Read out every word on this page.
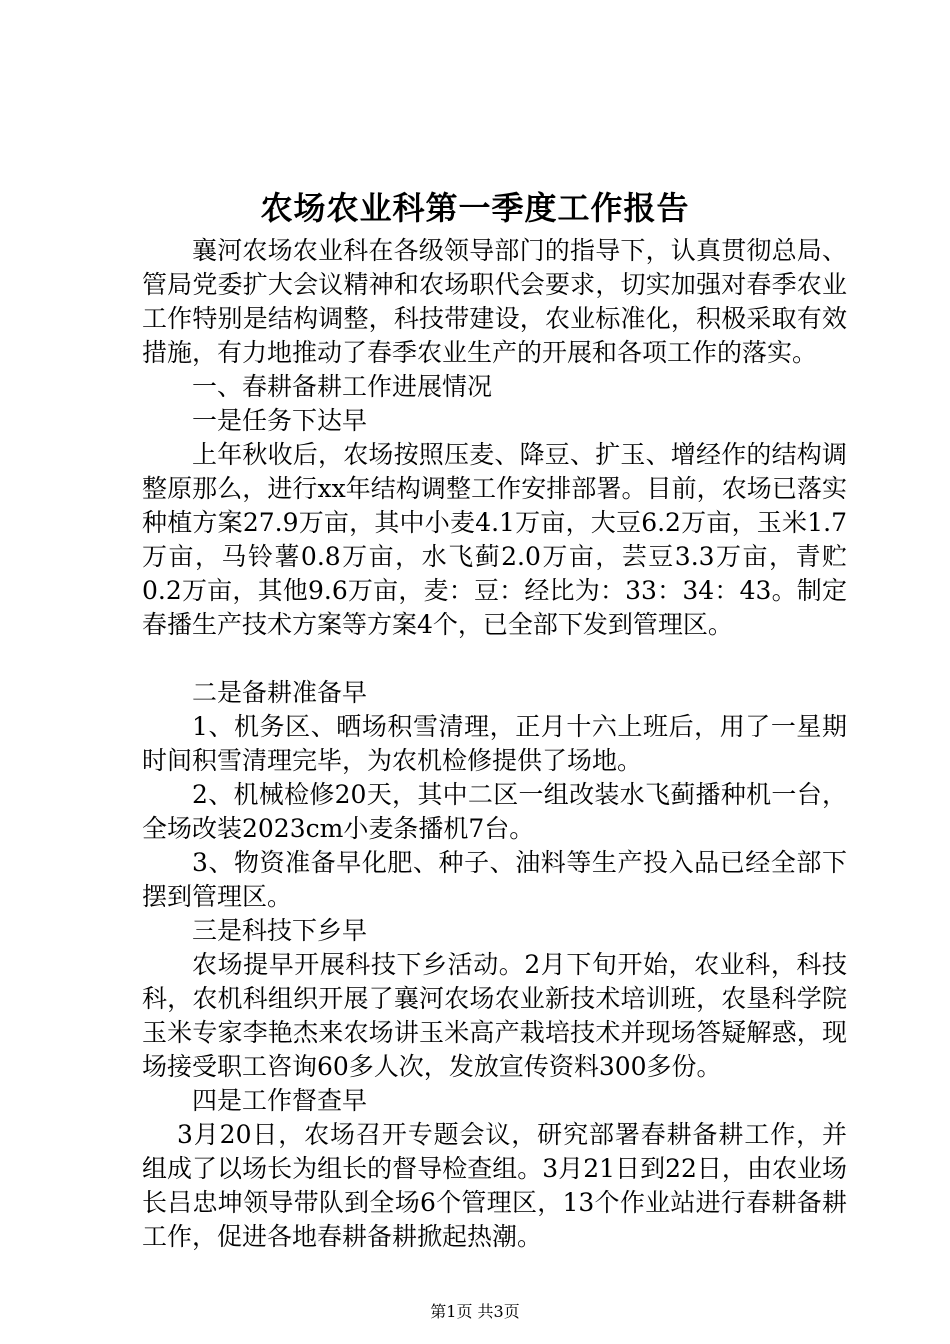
农场农业科第一季度工作报告

襄河农场农业科在各级领导部门的指导下，认真贯彻总局、管局党委扩大会议精神和农场职代会要求，切实加强对春季农业工作特别是结构调整，科技带建设，农业标准化，积极采取有效措施，有力地推动了春季农业生产的开展和各项工作的落实。

一、春耕备耕工作进展情况

一是任务下达早

上年秋收后，农场按照压麦、降豆、扩玉、增经作的结构调整原那么，进行xx年结构调整工作安排部署。目前，农场已落实种植方案27.9万亩，其中小麦4.1万亩，大豆6.2万亩，玉米1.7万亩，马铃薯0.8万亩，水飞蓟2.0万亩，芸豆3.3万亩，青贮0.2万亩，其他9.6万亩，麦：豆：经比为：33：34：43。制定春播生产技术方案等方案4个，已全部下发到管理区。

二是备耕准备早

1、机务区、晒场积雪清理，正月十六上班后，用了一星期时间积雪清理完毕，为农机检修提供了场地。

2、机械检修20天，其中二区一组改装水飞蓟播种机一台，全场改装2023cm小麦条播机7台。

3、物资准备早化肥、种子、油料等生产投入品已经全部下摆到管理区。

三是科技下乡早

农场提早开展科技下乡活动。2月下旬开始，农业科，科技科，农机科组织开展了襄河农场农业新技术培训班，农垦科学院玉米专家李艳杰来农场讲玉米高产栽培技术并现场答疑解惑，现场接受职工咨询60多人次，发放宣传资料300多份。

四是工作督查早

3月20日，农场召开专题会议，研究部署春耕备耕工作，并组成了以场长为组长的督导检查组。3月21日到22日，由农业场长吕忠坤领导带队到全场6个管理区，13个作业站进行春耕备耕工作，促进各地春耕备耕掀起热潮。

第1页 共3页
